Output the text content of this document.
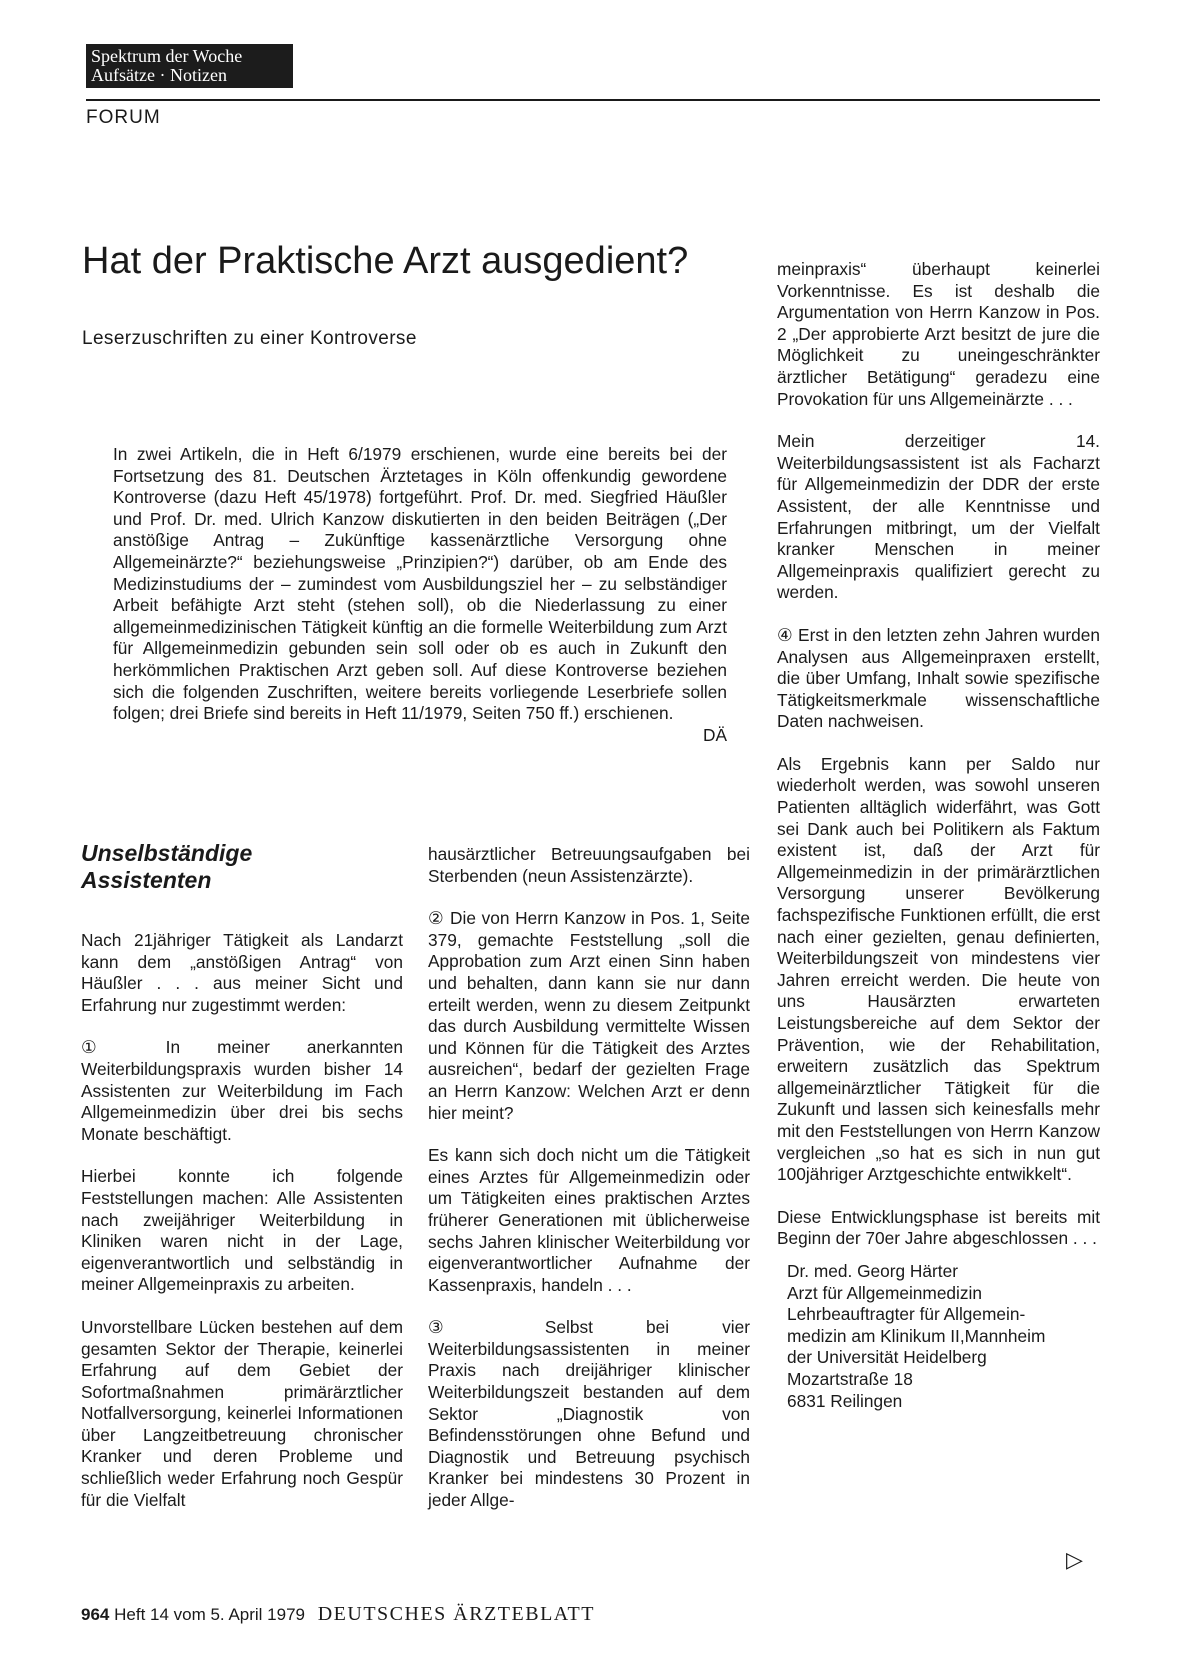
Spektrum der Woche
Aufsätze · Notizen
FORUM
Hat der Praktische Arzt ausgedient?
Leserzuschriften zu einer Kontroverse

In zwei Artikeln, die in Heft 6/1979 erschienen, wurde eine bereits bei der Fortsetzung des 81. Deutschen Ärztetages in Köln offenkundig gewordene Kontroverse (dazu Heft 45/1978) fortgeführt. Prof. Dr. med. Siegfried Häußler und Prof. Dr. med. Ulrich Kanzow diskutierten in den beiden Beiträgen („Der anstößige Antrag – Zukünftige kassenärztliche Versorgung ohne Allgemeinärzte?“ beziehungsweise „Prinzipien?“) darüber, ob am Ende des Medizinstudiums der – zumindest vom Ausbildungsziel her – zu selbständiger Arbeit befähigte Arzt steht (stehen soll), ob die Niederlassung zu einer allgemeinmedizinischen Tätigkeit künftig an die formelle Weiterbildung zum Arzt für Allgemeinmedizin gebunden sein soll oder ob es auch in Zukunft den herkömmlichen Praktischen Arzt geben soll. Auf diese Kontroverse beziehen sich die folgenden Zuschriften, weitere bereits vorliegende Leserbriefe sollen folgen; drei Briefe sind bereits in Heft 11/1979, Seiten 750 ff.) erschienen.

DÄ
Unselbständige
Assistenten

Nach 21jähriger Tätigkeit als Landarzt kann dem „anstößigen Antrag“ von Häußler . . . aus meiner Sicht und Erfahrung nur zugestimmt werden:

① In meiner anerkannten Weiterbildungspraxis wurden bisher 14 Assistenten zur Weiterbildung im Fach Allgemeinmedizin über drei bis sechs Monate beschäftigt.

Hierbei konnte ich folgende Feststellungen machen: Alle Assistenten nach zweijähriger Weiterbildung in Kliniken waren nicht in der Lage, eigenverantwortlich und selbständig in meiner Allgemeinpraxis zu arbeiten.

Unvorstellbare Lücken bestehen auf dem gesamten Sektor der Therapie, keinerlei Erfahrung auf dem Gebiet der Sofortmaßnahmen primärärztlicher Notfallversorgung, keinerlei Informationen über Langzeitbetreuung chronischer Kranker und deren Probleme und schließlich weder Erfahrung noch Gespür für die Vielfalt

hausärztlicher Betreuungsaufgaben bei Sterbenden (neun Assistenzärzte).

② Die von Herrn Kanzow in Pos. 1, Seite 379, gemachte Feststellung „soll die Approbation zum Arzt einen Sinn haben und behalten, dann kann sie nur dann erteilt werden, wenn zu diesem Zeitpunkt das durch Ausbildung vermittelte Wissen und Können für die Tätigkeit des Arztes ausreichen“, bedarf der gezielten Frage an Herrn Kanzow: Welchen Arzt er denn hier meint?

Es kann sich doch nicht um die Tätigkeit eines Arztes für Allgemeinmedizin oder um Tätigkeiten eines praktischen Arztes früherer Generationen mit üblicherweise sechs Jahren klinischer Weiterbildung vor eigenverantwortlicher Aufnahme der Kassenpraxis, handeln . . .

③ Selbst bei vier Weiterbildungsassistenten in meiner Praxis nach dreijähriger klinischer Weiterbildungszeit bestanden auf dem Sektor „Diagnostik von Befindensstörungen ohne Befund und Diagnostik und Betreuung psychisch Kranker bei mindestens 30 Prozent in jeder Allge-

meinpraxis“ überhaupt keinerlei Vorkenntnisse. Es ist deshalb die Argumentation von Herrn Kanzow in Pos. 2 „Der approbierte Arzt besitzt de jure die Möglichkeit zu uneingeschränkter ärztlicher Betätigung“ geradezu eine Provokation für uns Allgemeinärzte . . .

Mein derzeitiger 14. Weiterbildungsassistent ist als Facharzt für Allgemeinmedizin der DDR der erste Assistent, der alle Kenntnisse und Erfahrungen mitbringt, um der Vielfalt kranker Menschen in meiner Allgemeinpraxis qualifiziert gerecht zu werden.

④ Erst in den letzten zehn Jahren wurden Analysen aus Allgemeinpraxen erstellt, die über Umfang, Inhalt sowie spezifische Tätigkeitsmerkmale wissenschaftliche Daten nachweisen.

Als Ergebnis kann per Saldo nur wiederholt werden, was sowohl unseren Patienten alltäglich widerfährt, was Gott sei Dank auch bei Politikern als Faktum existent ist, daß der Arzt für Allgemeinmedizin in der primärärztlichen Versorgung unserer Bevölkerung fachspezifische Funktionen erfüllt, die erst nach einer gezielten, genau definierten, Weiterbildungszeit von mindestens vier Jahren erreicht werden. Die heute von uns Hausärzten erwarteten Leistungsbereiche auf dem Sektor der Prävention, wie der Rehabilitation, erweitern zusätzlich das Spektrum allgemeinärztlicher Tätigkeit für die Zukunft und lassen sich keinesfalls mehr mit den Feststellungen von Herrn Kanzow vergleichen „so hat es sich in nun gut 100jähriger Arztgeschichte entwikkelt“.

Diese Entwicklungsphase ist bereits mit Beginn der 70er Jahre abgeschlossen . . .

Dr. med. Georg Härter
Arzt für Allgemeinmedizin
Lehrbeauftragter für Allgemein-
medizin am Klinikum II,Mannheim
der Universität Heidelberg
Mozartstraße 18
6831 Reilingen
▷
964 Heft 14 vom 5. April 1979 DEUTSCHES ÄRZTEBLATT
